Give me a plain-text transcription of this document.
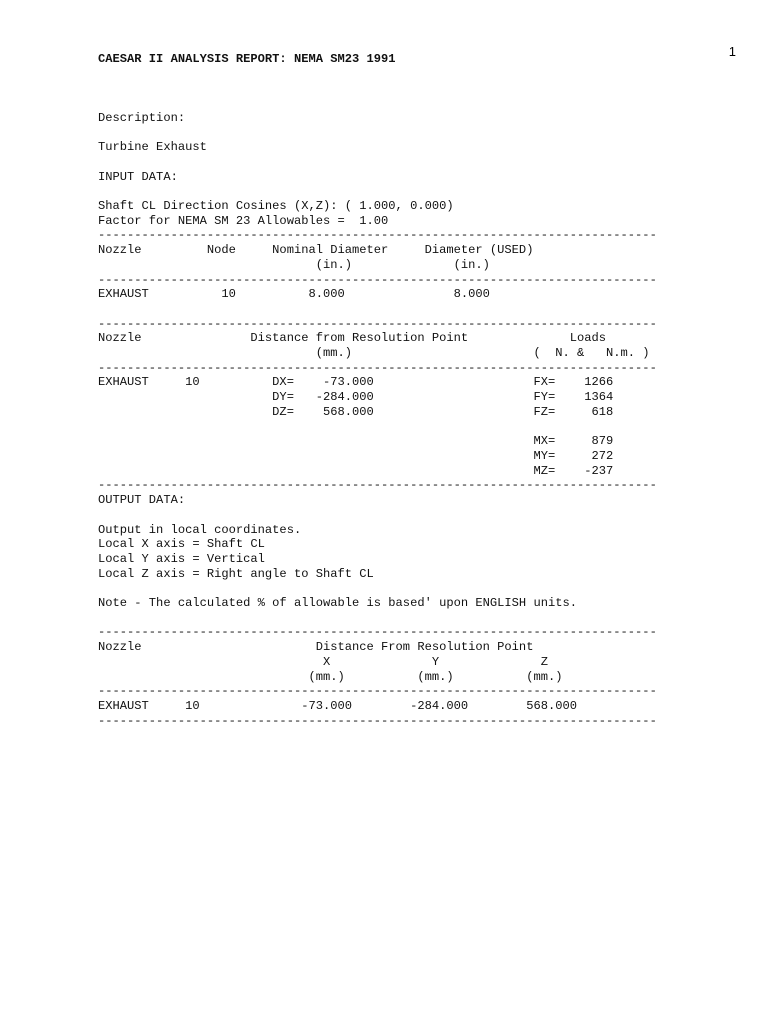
1
CAESAR II ANALYSIS REPORT: NEMA SM23 1991

Description:

Turbine Exhaust

INPUT DATA:

Shaft CL Direction Cosines (X,Z): ( 1.000, 0.000)
Factor for NEMA SM 23 Allowables =  1.00
-----------------------------------------------------------------------------
Nozzle         Node     Nominal Diameter     Diameter (USED)
(in.)              (in.)
-----------------------------------------------------------------------------
EXHAUST          10          8.000               8.000

-----------------------------------------------------------------------------
Nozzle               Distance from Resolution Point              Loads
(mm.)                         (  N. &   N.m. )
-----------------------------------------------------------------------------
EXHAUST     10          DX=    -73.000                      FX=    1266
DY=   -284.000                      FY=    1364
DZ=    568.000                      FZ=     618

MX=     879
MY=     272
MZ=    -237
-----------------------------------------------------------------------------
OUTPUT DATA:

Output in local coordinates.
Local X axis = Shaft CL
Local Y axis = Vertical
Local Z axis = Right angle to Shaft CL

Note - The calculated % of allowable is based' upon ENGLISH units.

-----------------------------------------------------------------------------
Nozzle                        Distance From Resolution Point
X              Y              Z
(mm.)          (mm.)          (mm.)
-----------------------------------------------------------------------------
EXHAUST     10              -73.000        -284.000        568.000
-----------------------------------------------------------------------------
